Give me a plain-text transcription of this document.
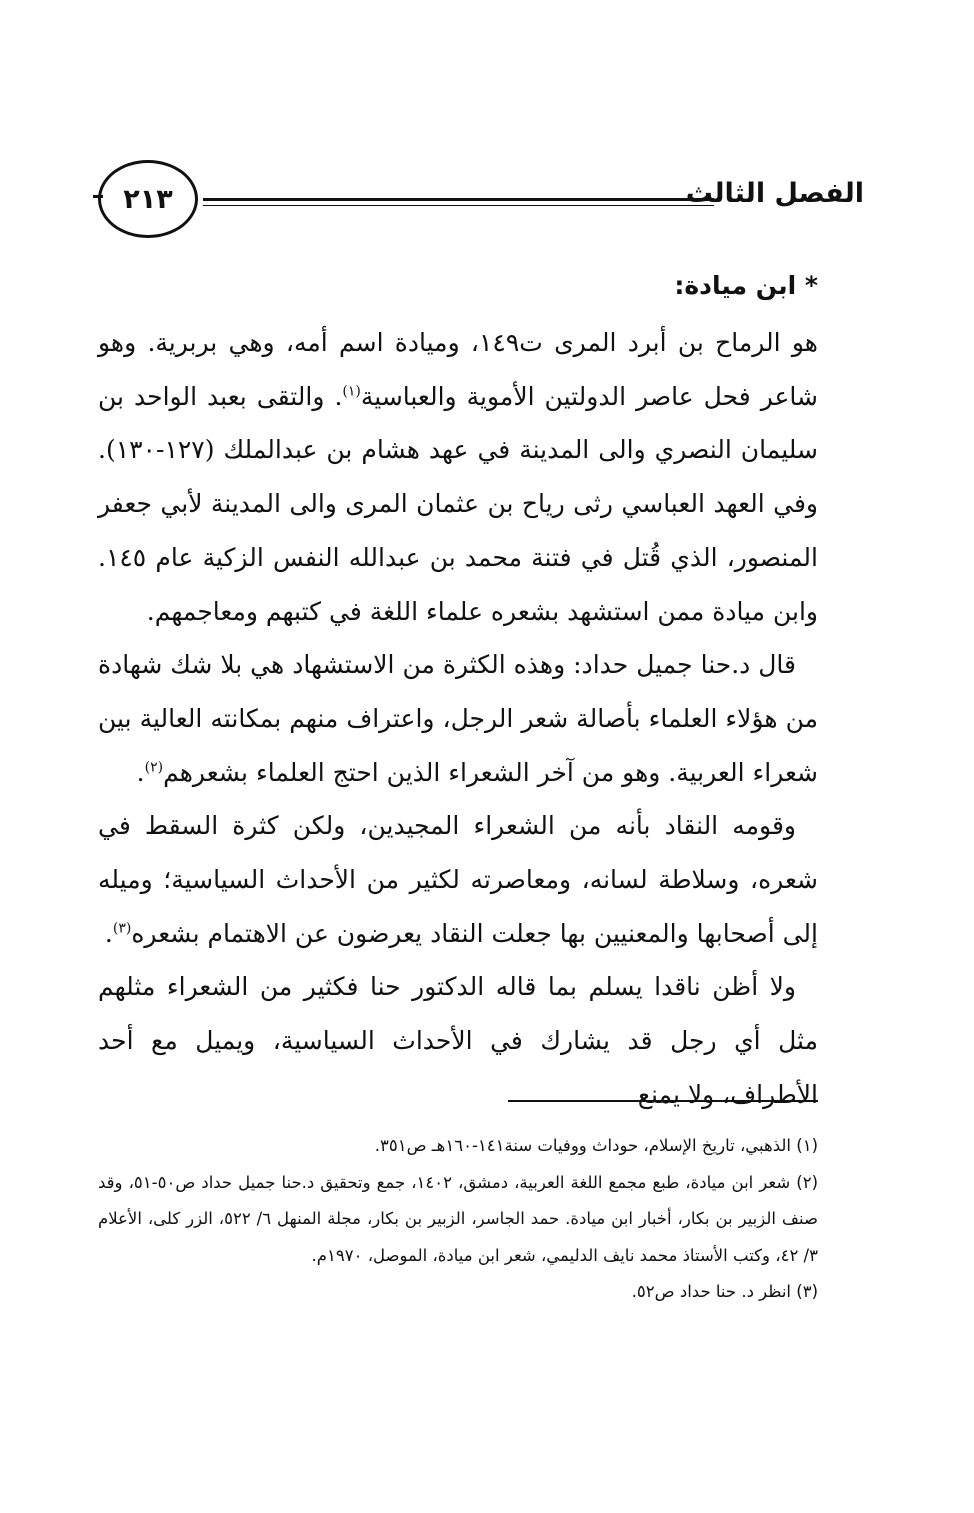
الفصل الثالث
٢١٣
* ابن ميادة:

هو الرماح بن أبرد المرى ت١٤٩، وميادة اسم أمه، وهي بربرية. وهو شاعر فحل عاصر الدولتين الأموية والعباسية$^{(١)}$. والتقى بعبد الواحد بن سليمان النصري والى المدينة في عهد هشام بن عبدالملك (١٢٧-١٣٠). وفي العهد العباسي رثى رياح بن عثمان المرى والى المدينة لأبي جعفر المنصور، الذي قُتل في فتنة محمد بن عبدالله النفس الزكية عام ١٤٥. وابن ميادة ممن استشهد بشعره علماء اللغة في كتبهم ومعاجمهم.

قال د.حنا جميل حداد: وهذه الكثرة من الاستشهاد هي بلا شك شهادة من هؤلاء العلماء بأصالة شعر الرجل، واعتراف منهم بمكانته العالية بين شعراء العربية. وهو من آخر الشعراء الذين احتج العلماء بشعرهم$^{(٢)}$.

وقومه النقاد بأنه من الشعراء المجيدين، ولكن كثرة السقط في شعره، وسلاطة لسانه، ومعاصرته لكثير من الأحداث السياسية؛ وميله إلى أصحابها والمعنيين بها جعلت النقاد يعرضون عن الاهتمام بشعره$^{(٣)}$.

ولا أظن ناقدا يسلم بما قاله الدكتور حنا فكثير من الشعراء مثلهم مثل أي رجل قد يشارك في الأحداث السياسية، ويميل مع أحد الأطراف، ولا يمنع

(١) الذهبي، تاريخ الإسلام، حوداث ووفيات سنة١٤١-١٦٠هـ ص٣٥١.

(٢) شعر ابن ميادة، طبع مجمع اللغة العربية، دمشق، ١٤٠٢، جمع وتحقيق د.حنا جميل حداد ص٥٠-٥١، وقد صنف الزبير بن بكار، أخبار ابن ميادة. حمد الجاسر، الزبير بن بكار، مجلة المنهل ٦/ ٥٢٢، الزر كلى، الأعلام ٣/ ٤٢، وكتب الأستاذ محمد نايف الدليمي، شعر ابن ميادة، الموصل، ١٩٧٠م.

(٣) انظر د. حنا حداد ص٥٢.
